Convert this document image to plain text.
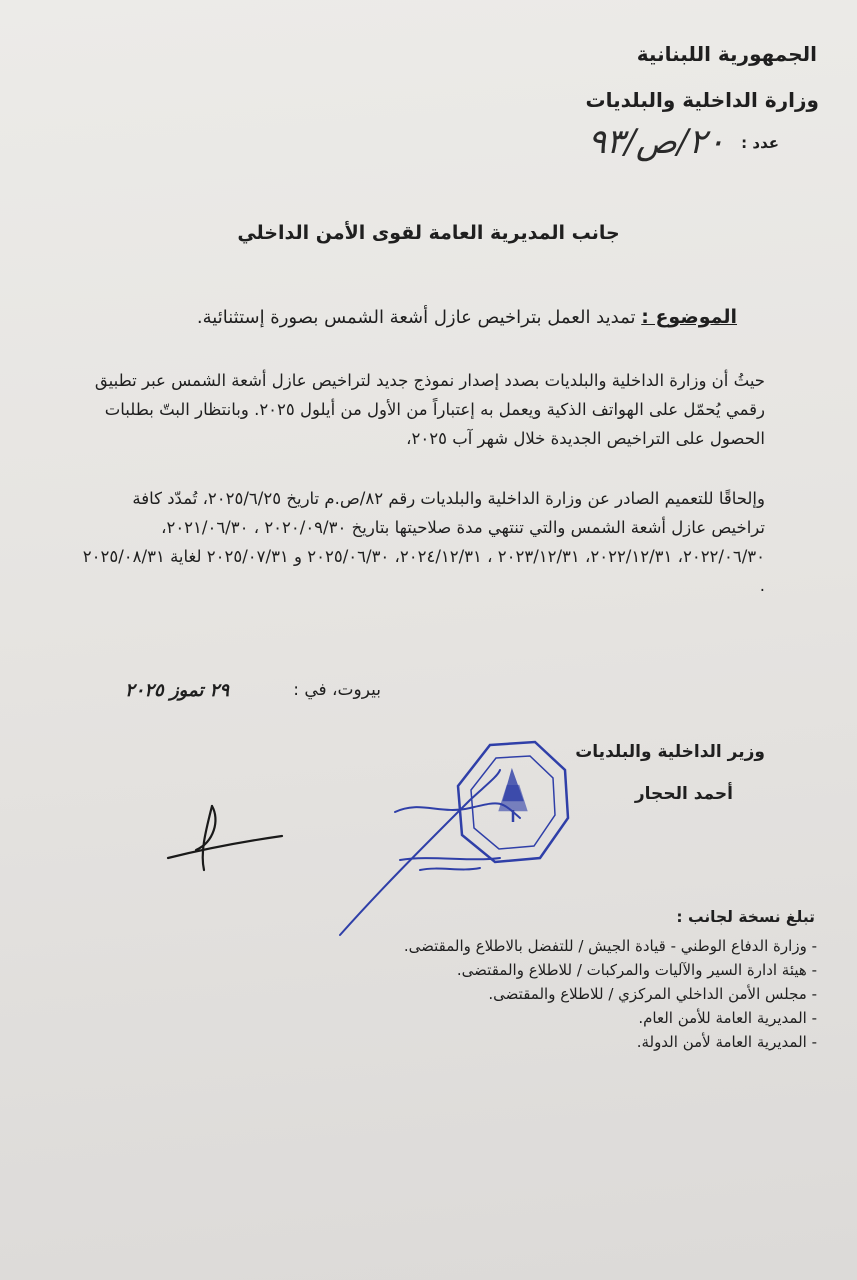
الجمهورية اللبنانية
وزارة الداخلية والبلديات
عدد :
٢٠/ص/٩٣
جانب المديرية العامة لقوى الأمن الداخلي
الموضوع : تمديد العمل بتراخيص عازل أشعة الشمس بصورة إستثنائية.
حيثُ أن وزارة الداخلية والبلديات بصدد إصدار نموذج جديد لتراخيص عازل أشعة الشمس عبر تطبيق رقمي يُحمّل على الهواتف الذكية ويعمل به إعتباراً من الأول من أيلول ٢٠٢٥. وبانتظار البتّ بطلبات الحصول على التراخيص الجديدة خلال شهر آب ٢٠٢٥،
وإلحاقًا للتعميم الصادر عن وزارة الداخلية والبلديات رقم ٨٢/ص.م تاريخ ٢٠٢٥/٦/٢٥، تُمدّد كافة تراخيص عازل أشعة الشمس والتي تنتهي مدة صلاحيتها بتاريخ ٢٠٢٠/٠٩/٣٠ ، ٢٠٢١/٠٦/٣٠، ٢٠٢٢/٠٦/٣٠، ٢٠٢٢/١٢/٣١، ٢٠٢٣/١٢/٣١ ، ٢٠٢٤/١٢/٣١، ٢٠٢٥/٠٦/٣٠ و ٢٠٢٥/٠٧/٣١ لغاية ٢٠٢٥/٠٨/٣١ .
بيروت، في :
٢٩ تموز ٢٠٢٥
وزير الداخلية والبلديات
أحمد الحجار
تبلغ نسخة لجانب :
- وزارة الدفاع الوطني - قيادة الجيش / للتفضل بالاطلاع والمقتضى.
- هيئة ادارة السير والآليات والمركبات / للاطلاع والمقتضى.
- مجلس الأمن الداخلي المركزي / للاطلاع والمقتضى.
- المديرية العامة للأمن العام.
- المديرية العامة لأمن الدولة.
